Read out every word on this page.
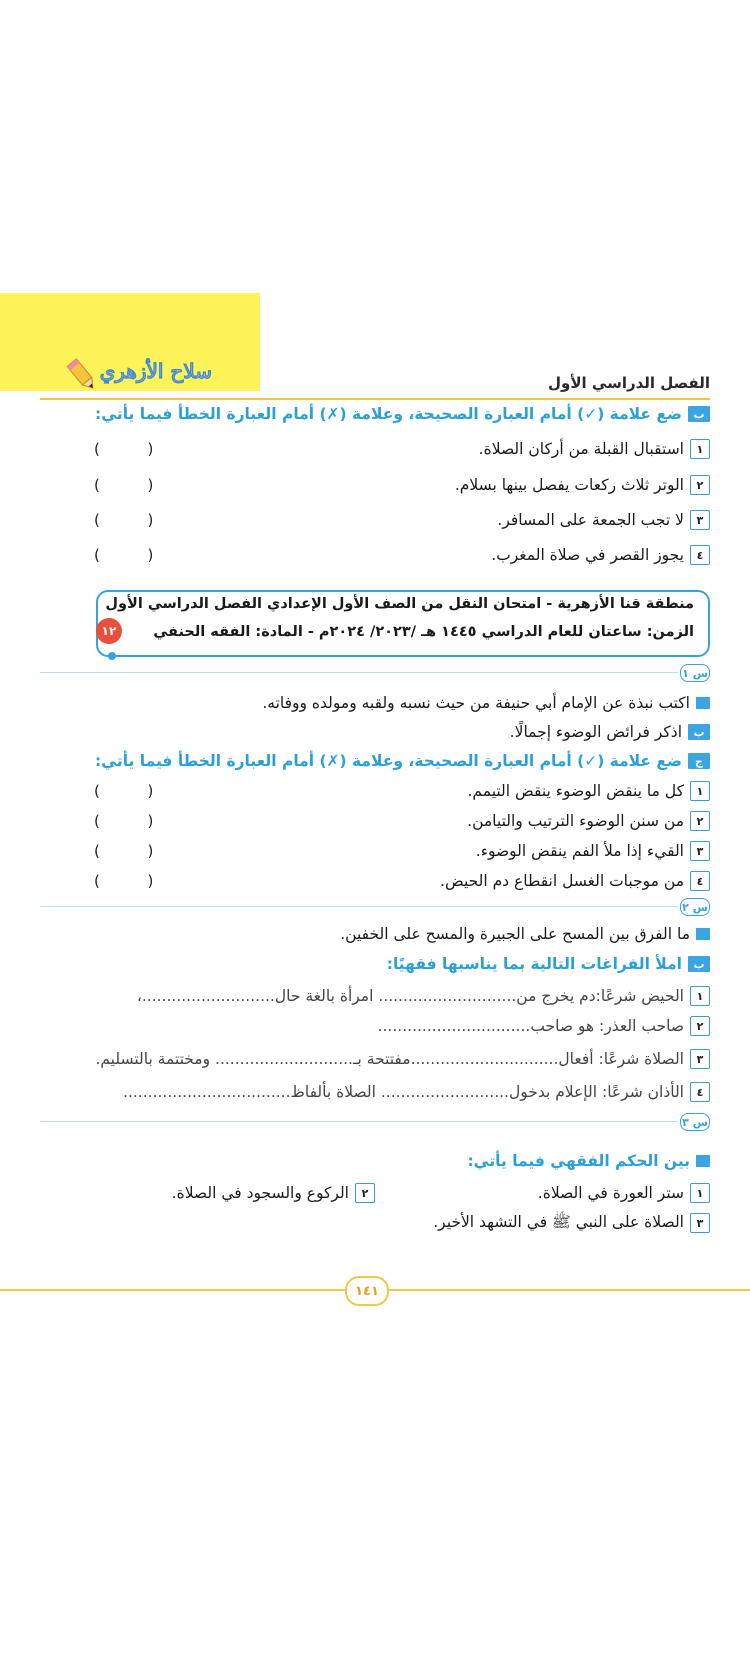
سلاح الأزهري	الفصل الدراسي الأول
ب
ضع علامة (✓) أمام العبارة الصحيحة، وعلامة (✗) أمام العبارة الخطأ فيما يأتي:
١
استقبال القبلة من أركان الصلاة.
(          )
٢
الوتر ثلاث ركعات يفصل بينها بسلام.
(          )
٣
لا تجب الجمعة على المسافر.
(          )
٤
يجوز القصر في صلاة المغرب.
(          )
منطقة قنا الأزهرية - امتحان النقل من الصف الأول الإعدادي الفصل الدراسي الأول
الزمن: ساعتان للعام الدراسي ١٤٤٥ هـ /٢٠٢٣/ ٢٠٢٤م - المادة: الفقه الحنفي
١٢
س ١
اكتب نبذة عن الإمام أبي حنيفة من حيث نسبه ولقبه ومولده ووفاته.
ب
اذكر فرائض الوضوء إجمالًا.
ج
ضع علامة (✓) أمام العبارة الصحيحة، وعلامة (✗) أمام العبارة الخطأ فيما يأتي:
١
كل ما ينقض الوضوء ينقض التيمم.
(          )
٢
من سنن الوضوء الترتيب والتيامن.
(          )
٣
القيء إذا ملأ الفم ينقض الوضوء.
(          )
٤
من موجبات الغسل انقطاع دم الحيض.
(          )
س ٢
ما الفرق بين المسح على الجبيرة والمسح على الخفين.
ب
املأ الفراغات التالية بما يناسبها فقهيًا:
١
الحيض شرعًا:دم يخرج من............................ امرأة بالغة حال...........................،
٢
صاحب العذر: هو صاحب...............................
٣
الصلاة شرعًا: أفعال..............................مفتتحة بـ............................ ومختتمة بالتسليم.
٤
الأذان شرعًا: الإعلام بدخول.......................... الصلاة بألفاظ..................................
س ٣
بين الحكم الفقهي فيما يأتي:
١
ستر العورة في الصلاة.
٢
الركوع والسجود في الصلاة.
٣
الصلاة على النبي ﷺ في التشهد الأخير.
١٤١
